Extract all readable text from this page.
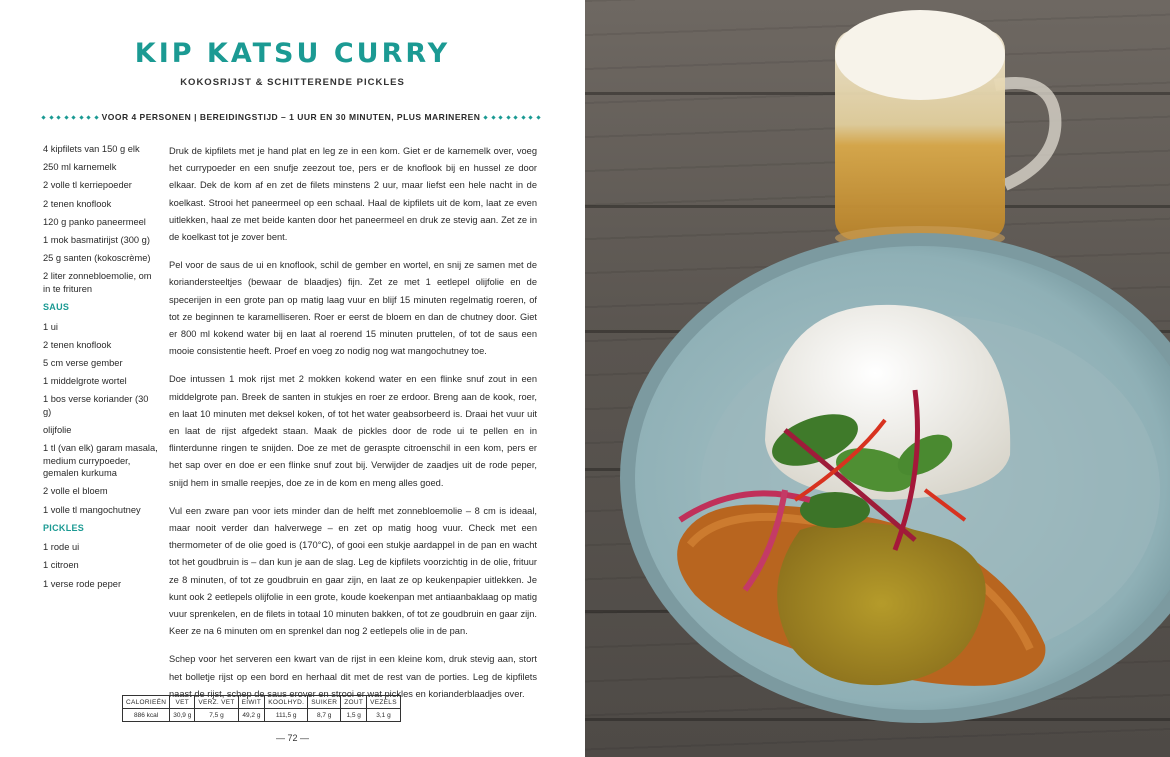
KIP KATSU CURRY
KOKOSRIJST & SCHITTERENDE PICKLES
VOOR 4 PERSONEN | BEREIDINGSTIJD – 1 UUR EN 30 MINUTEN, PLUS MARINEREN
4 kipfilets van 150 g elk
250 ml karnemelk
2 volle tl kerriepoeder
2 tenen knoflook
120 g panko paneermeel
1 mok basmatirijst (300 g)
25 g santen (kokoscrème)
2 liter zonnebloemolie, om in te frituren
SAUS
1 ui
2 tenen knoflook
5 cm verse gember
1 middelgrote wortel
1 bos verse koriander (30 g)
olijfolie
1 tl (van elk) garam masala, medium currypoeder, gemalen kurkuma
2 volle el bloem
1 volle tl mangochutney
PICKLES
1 rode ui
1 citroen
1 verse rode peper

Druk de kipfilets met je hand plat en leg ze in een kom. Giet er de karnemelk over, voeg het currypoeder en een snufje zeezout toe, pers er de knoflook bij en hussel ze door elkaar. Dek de kom af en zet de filets minstens 2 uur, maar liefst een hele nacht in de koelkast. Strooi het paneermeel op een schaal. Haal de kipfilets uit de kom, laat ze even uitlekken, haal ze met beide kanten door het paneermeel en druk ze stevig aan. Zet ze in de koelkast tot je zover bent.

Pel voor de saus de ui en knoflook, schil de gember en wortel, en snij ze samen met de koriandersteeltjes (bewaar de blaadjes) fijn. Zet ze met 1 eetlepel olijfolie en de specerijen in een grote pan op matig laag vuur en blijf 15 minuten regelmatig roeren, of tot ze beginnen te karamelliseren. Roer er eerst de bloem en dan de chutney door. Giet er 800 ml kokend water bij en laat al roerend 15 minuten pruttelen, of tot de saus een mooie consistentie heeft. Proef en voeg zo nodig nog wat mangochutney toe.

Doe intussen 1 mok rijst met 2 mokken kokend water en een flinke snuf zout in een middelgrote pan. Breek de santen in stukjes en roer ze erdoor. Breng aan de kook, roer, en laat 10 minuten met deksel koken, of tot het water geabsorbeerd is. Draai het vuur uit en laat de rijst afgedekt staan. Maak de pickles door de rode ui te pellen en in flinterdunne ringen te snijden. Doe ze met de geraspte citroenschil in een kom, pers er het sap over en doe er een flinke snuf zout bij. Verwijder de zaadjes uit de rode peper, snijd hem in smalle reepjes, doe ze in de kom en meng alles goed.

Vul een zware pan voor iets minder dan de helft met zonnebloemolie – 8 cm is ideaal, maar nooit verder dan halverwege – en zet op matig hoog vuur. Check met een thermometer of de olie goed is (170°C), of gooi een stukje aardappel in de pan en wacht tot het goudbruin is – dan kun je aan de slag. Leg de kipfilets voorzichtig in de olie, frituur ze 8 minuten, of tot ze goudbruin en gaar zijn, en laat ze op keukenpapier uitlekken. Je kunt ook 2 eetlepels olijfolie in een grote, koude koekenpan met antiaanbaklaag op matig vuur sprenkelen, en de filets in totaal 10 minuten bakken, of tot ze goudbruin en gaar zijn. Keer ze na 6 minuten om en sprenkel dan nog 2 eetlepels olie in de pan.

Schep voor het serveren een kwart van de rijst in een kleine kom, druk stevig aan, stort het bolletje rijst op een bord en herhaal dit met de rest van de porties. Leg de kipfilets naast de rijst, schep de saus erover en strooi er wat pickles en korianderblaadjes over.

CALORIEËN	VET	VERZ. VET	EIWIT	KOOLHYD.	SUIKER	ZOUT	VEZELS
886 kcal	30,9 g	7,5 g	49,2 g	111,5 g	8,7 g	1,5 g	3,1 g
— 72 —
